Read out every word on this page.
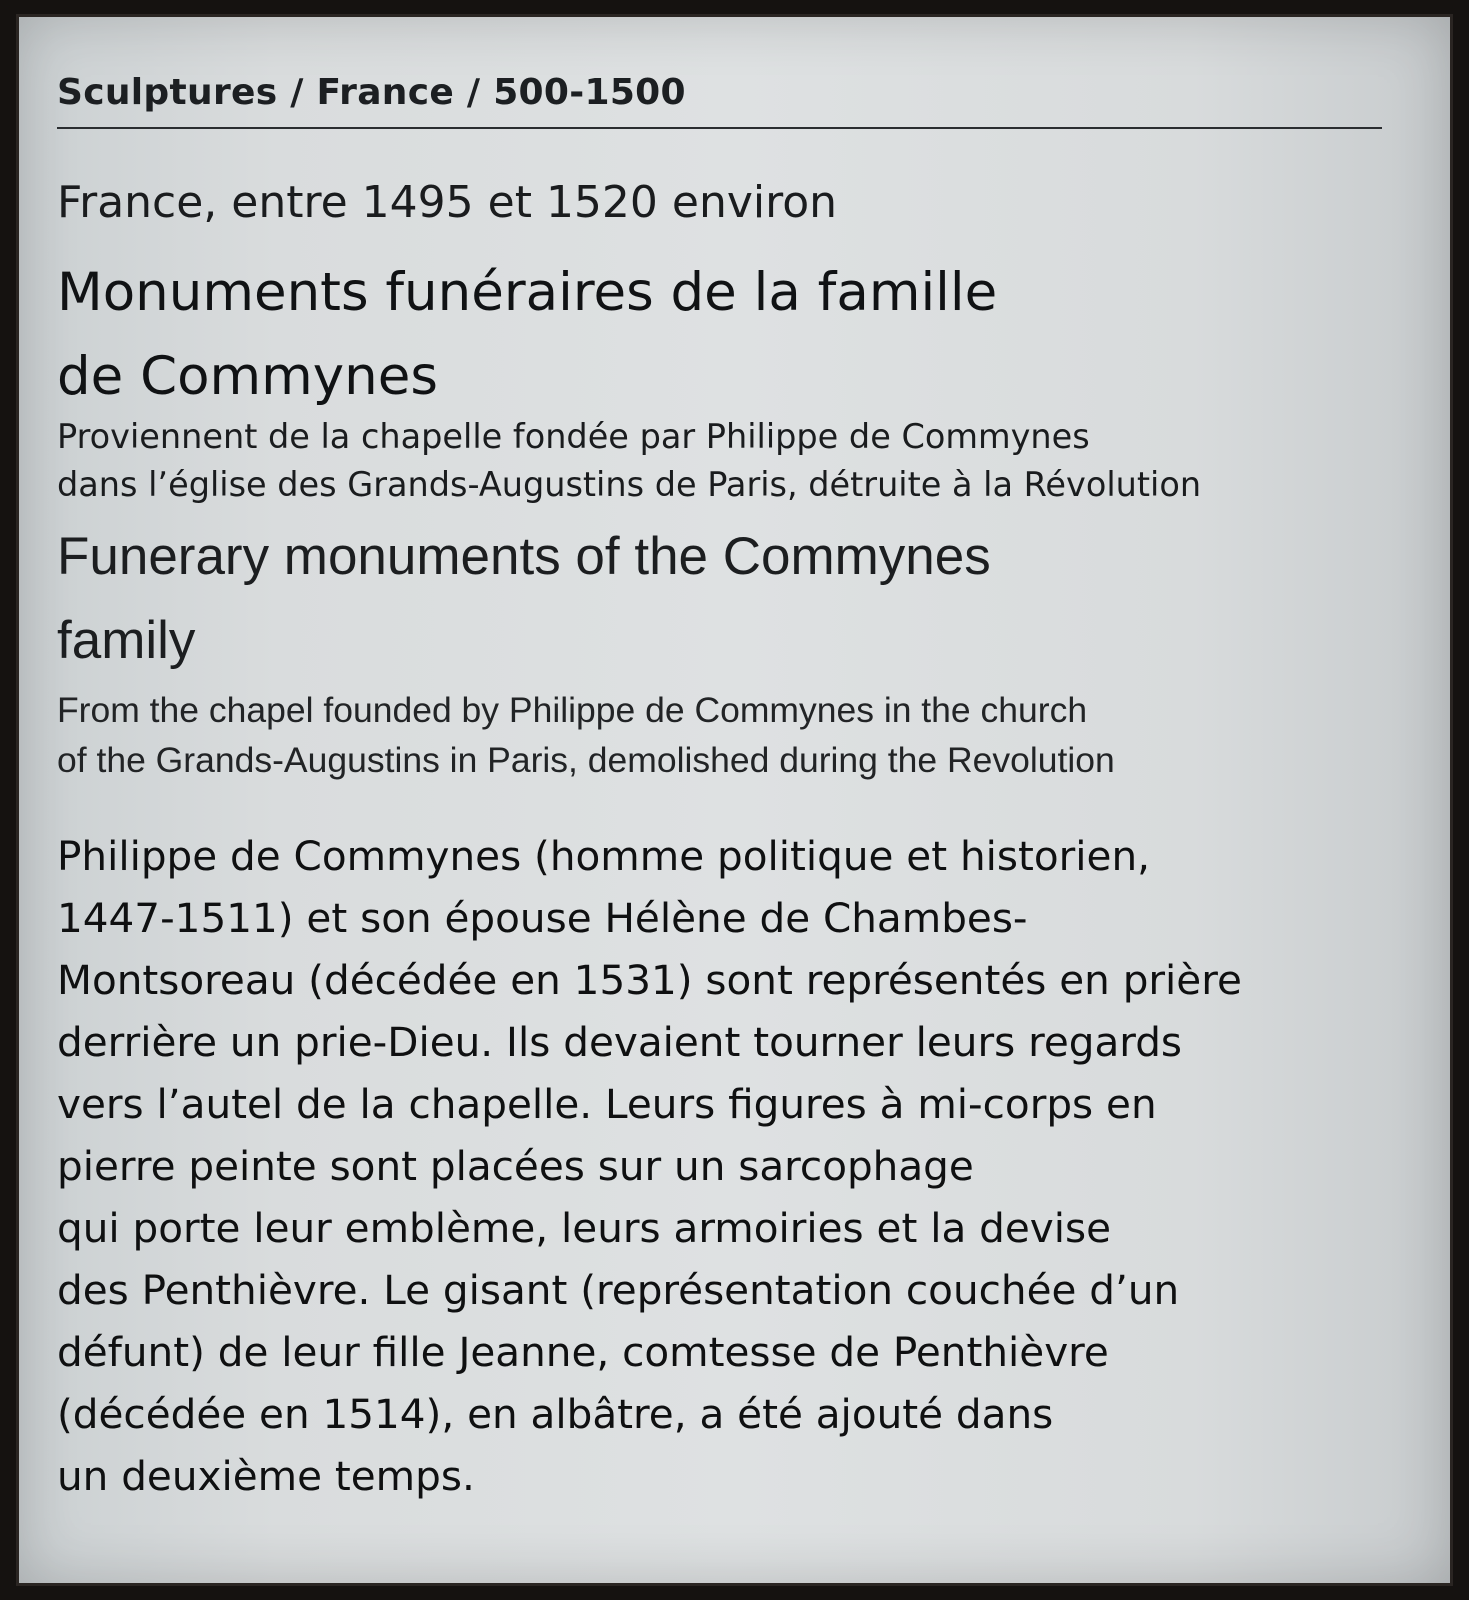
Sculptures / France / 500-1500
France, entre 1495 et 1520 environ
Monuments funéraires de la famille
de Commynes
Proviennent de la chapelle fondée par Philippe de Commynes
dans l’église des Grands-Augustins de Paris, détruite à la Révolution
Funerary monuments of the Commynes
family
From the chapel founded by Philippe de Commynes in the church
of the Grands-Augustins in Paris, demolished during the Revolution
Philippe de Commynes (homme politique et historien,
1447-1511) et son épouse Hélène de Chambes-
Montsoreau (décédée en 1531) sont représentés en prière
derrière un prie-Dieu. Ils devaient tourner leurs regards
vers l’autel de la chapelle. Leurs figures à mi-corps en
pierre peinte sont placées sur un sarcophage
qui porte leur emblème, leurs armoiries et la devise
des Penthièvre. Le gisant (représentation couchée d’un
défunt) de leur fille Jeanne, comtesse de Penthièvre
(décédée en 1514), en albâtre, a été ajouté dans
un deuxième temps.
